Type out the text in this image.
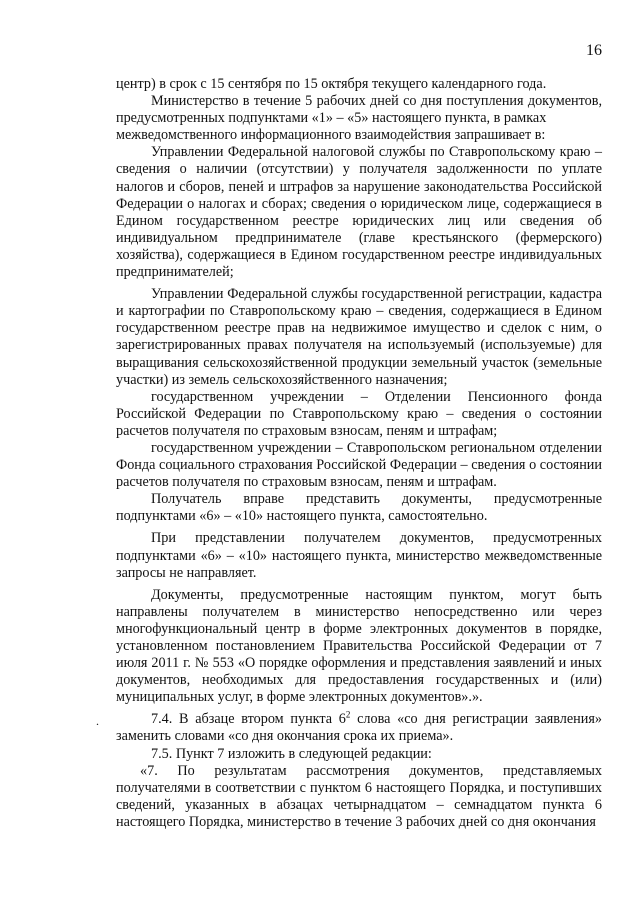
16

центр) в срок с 15 сентября по 15 октября текущего календарного года.

Министерство в течение 5 рабочих дней со дня поступления документов, предусмотренных подпунктами «1» – «5» настоящего пункта, в рамках

межведомственного информационного взаимодействия запрашивает в:

Управлении Федеральной налоговой службы по Ставропольскому краю – сведения о наличии (отсутствии) у получателя задолженности по уплате налогов и сборов, пеней и штрафов за нарушение законодательства Российской Федерации о налогах и сборах; сведения о юридическом лице, содержащиеся в Едином государственном реестре юридических лиц или сведения об индивидуальном предпринимателе (главе крестьянского (фермерского) хозяйства), содержащиеся в Едином государственном реестре индивидуальных предпринимателей;

Управлении Федеральной службы государственной регистрации, кадастра и картографии по Ставропольскому краю – сведения, содержащиеся в Едином государственном реестре прав на недвижимое имущество и сделок с ним, о зарегистрированных правах получателя на используемый (используемые) для выращивания сельскохозяйственной продукции земельный участок (земельные участки) из земель сельскохозяйственного назначения;

государственном учреждении – Отделении Пенсионного фонда Российской Федерации по Ставропольскому краю – сведения о состоянии расчетов получателя по страховым взносам, пеням и штрафам;

государственном учреждении – Ставропольском региональном отделении Фонда социального страхования Российской Федерации – сведения о состоянии расчетов получателя по страховым взносам, пеням и штрафам.

Получатель вправе представить документы, предусмотренные подпунктами «6» – «10» настоящего пункта, самостоятельно.

При представлении получателем документов, предусмотренных подпунктами «6» – «10» настоящего пункта, министерство межведомственные запросы не направляет.

Документы, предусмотренные настоящим пунктом, могут быть направлены получателем в министерство непосредственно или через многофункциональный центр в форме электронных документов в порядке, установленном постановлением Правительства Российской Федерации от 7 июля 2011 г. № 553 «О порядке оформления и представления заявлений и иных документов, необходимых для предоставления государственных и (или) муниципальных услуг, в форме электронных документов».».

7.4. В абзаце втором пункта $6^2$ слова «со дня регистрации заявления» заменить словами «со дня окончания срока их приема».

7.5. Пункт 7 изложить в следующей редакции:

«7. По результатам рассмотрения документов, представляемых получателями в соответствии с пунктом 6 настоящего Порядка, и поступивших сведений, указанных в абзацах четырнадцатом – семнадцатом пункта 6 настоящего Порядка, министерство в течение 3 рабочих дней со дня окончания

.
